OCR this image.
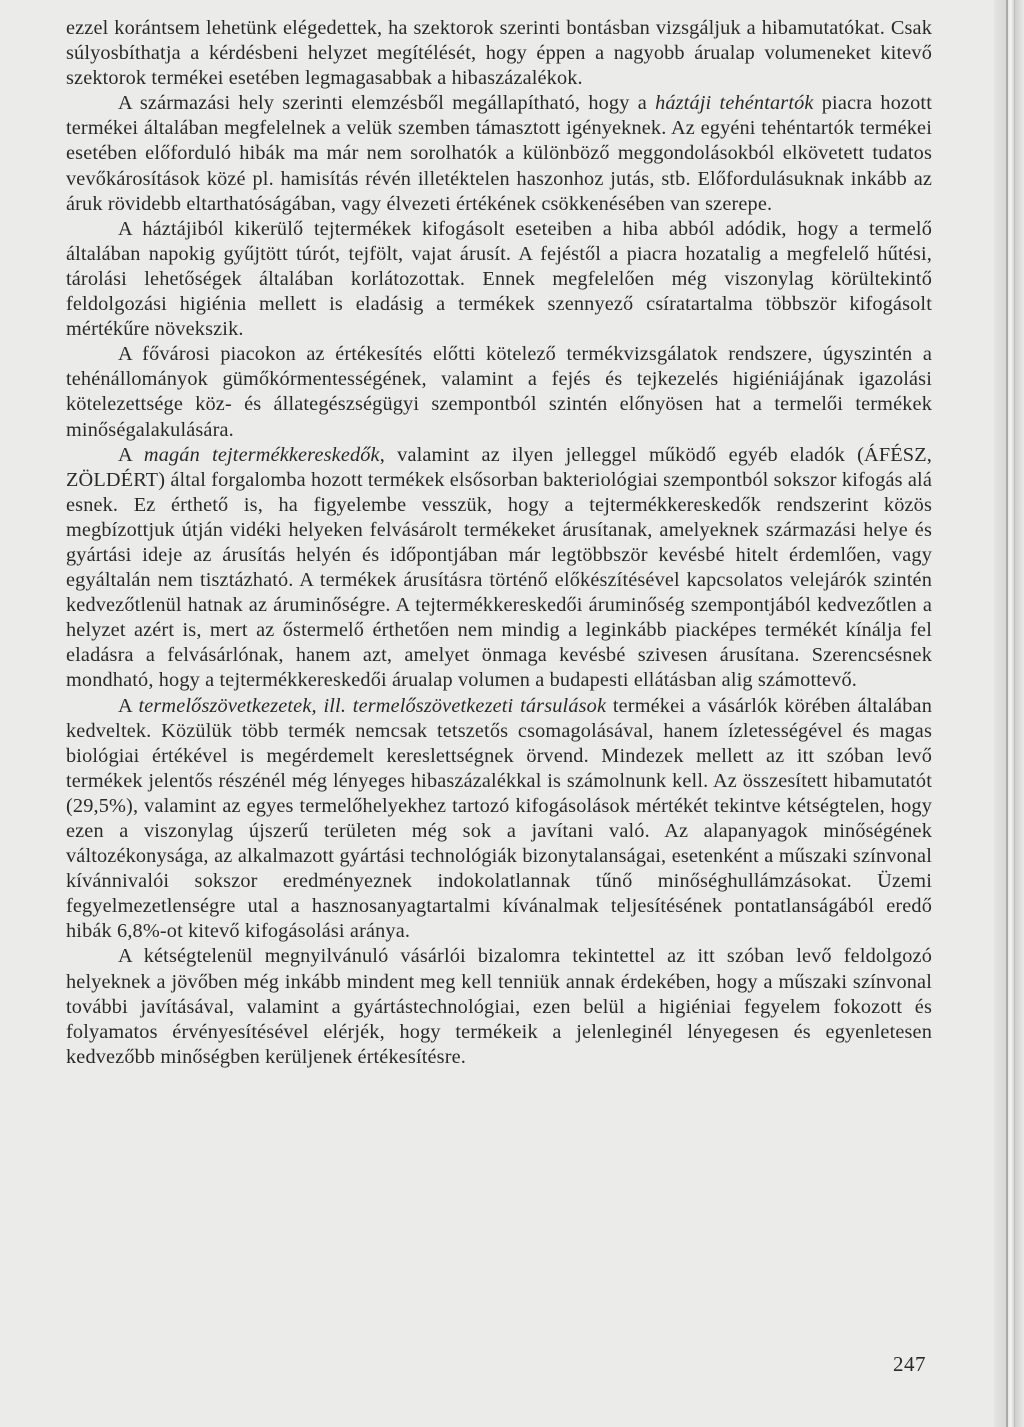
ezzel korántsem lehetünk elégedettek, ha szektorok szerinti bontásban vizsgáljuk a hibamutatókat. Csak súlyosbíthatja a kérdésbeni helyzet megítélését, hogy éppen a nagyobb árualap volumeneket kitevő szektorok termékei esetében legmagasabbak a hibaszázalékok.

A származási hely szerinti elemzésből megállapítható, hogy a háztáji tehéntartók piacra hozott termékei általában megfelelnek a velük szemben támasztott igényeknek. Az egyéni tehéntartók termékei esetében előforduló hibák ma már nem sorolhatók a különböző meggondolásokból elkövetett tudatos vevőkárosítások közé pl. hamisítás révén illetéktelen haszonhoz jutás, stb. Előfordulásuknak inkább az áruk rövidebb eltarthatóságában, vagy élvezeti értékének csökkenésében van szerepe.

A háztájiból kikerülő tejtermékek kifogásolt eseteiben a hiba abból adódik, hogy a termelő általában napokig gyűjtött túrót, tejfölt, vajat árusít. A fejéstől a piacra hozatalig a megfelelő hűtési, tárolási lehetőségek általában korlátozottak. Ennek megfelelően még viszonylag körültekintő feldolgozási higiénia mellett is eladásig a termékek szennyező csíratartalma többször kifogásolt mértékűre növekszik.

A fővárosi piacokon az értékesítés előtti kötelező termékvizsgálatok rendszere, úgyszintén a tehénállományok gümőkórmentességének, valamint a fejés és tejkezelés higiéniájának igazolási kötelezettsége köz- és állategészségügyi szempontból szintén előnyösen hat a termelői termékek minőségalakulására.

A magán tejtermékkereskedők, valamint az ilyen jelleggel működő egyéb eladók (ÁFÉSZ, ZÖLDÉRT) által forgalomba hozott termékek elsősorban bakteriológiai szempontból sokszor kifogás alá esnek. Ez érthető is, ha figyelembe vesszük, hogy a tejtermékkereskedők rendszerint közös megbízottjuk útján vidéki helyeken felvásárolt termékeket árusítanak, amelyeknek származási helye és gyártási ideje az árusítás helyén és időpontjában már legtöbbször kevésbé hitelt érdemlően, vagy egyáltalán nem tisztázható. A termékek árusításra történő előkészítésével kapcsolatos velejárók szintén kedvezőtlenül hatnak az áruminőségre. A tejtermékkereskedői áruminőség szempontjából kedvezőtlen a helyzet azért is, mert az őstermelő érthetően nem mindig a leginkább piacképes termékét kínálja fel eladásra a felvásárlónak, hanem azt, amelyet önmaga kevésbé szivesen árusítana. Szerencsésnek mondható, hogy a tejtermékkereskedői árualap volumen a budapesti ellátásban alig számottevő.

A termelőszövetkezetek, ill. termelőszövetkezeti társulások termékei a vásárlók körében általában kedveltek. Közülük több termék nemcsak tetszetős csomagolásával, hanem ízletességével és magas biológiai értékével is megérdemelt kereslettségnek örvend. Mindezek mellett az itt szóban levő termékek jelentős részénél még lényeges hibaszázalékkal is számolnunk kell. Az összesített hibamutatót (29,5%), valamint az egyes termelőhelyekhez tartozó kifogásolások mértékét tekintve kétségtelen, hogy ezen a viszonylag újszerű területen még sok a javítani való. Az alapanyagok minőségének változékonysága, az alkalmazott gyártási technológiák bizonytalanságai, esetenként a műszaki színvonal kívánnivalói sokszor eredményeznek indokolatlannak tűnő minőséghullámzásokat. Üzemi fegyelmezetlenségre utal a hasznosanyagtartalmi kívánalmak teljesítésének pontatlanságából eredő hibák 6,8%-ot kitevő kifogásolási aránya.

A kétségtelenül megnyilvánuló vásárlói bizalomra tekintettel az itt szóban levő feldolgozó helyeknek a jövőben még inkább mindent meg kell tenniük annak érdekében, hogy a műszaki színvonal további javításával, valamint a gyártástechnológiai, ezen belül a higiéniai fegyelem fokozott és folyamatos érvényesítésével elérjék, hogy termékeik a jelenleginél lényegesen és egyenletesen kedvezőbb minőségben kerüljenek értékesítésre.

247
